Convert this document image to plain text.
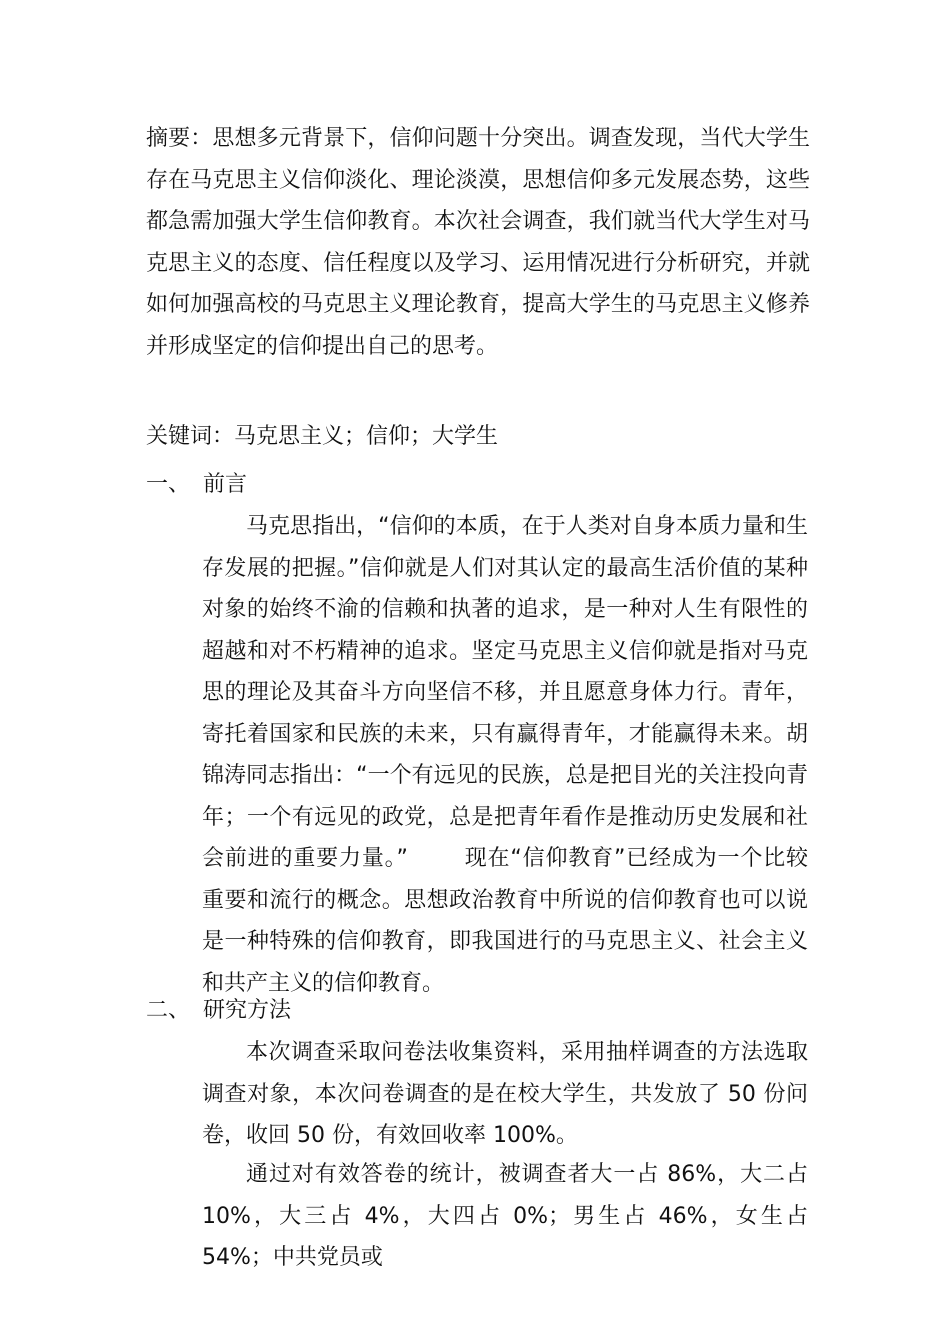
摘要：思想多元背景下，信仰问题十分突出。调查发现，当代大学生存在马克思主义信仰淡化、理论淡漠，思想信仰多元发展态势，这些都急需加强大学生信仰教育。本次社会调查，我们就当代大学生对马克思主义的态度、信任程度以及学习、运用情况进行分析研究，并就如何加强高校的马克思主义理论教育，提高大学生的马克思主义修养并形成坚定的信仰提出自己的思考。

关键词：马克思主义；信仰；大学生

一、 前言

马克思指出，“信仰的本质，在于人类对自身本质力量和生存发展的把握。”信仰就是人们对其认定的最高生活价值的某种对象的始终不渝的信赖和执著的追求，是一种对人生有限性的超越和对不朽精神的追求。坚定马克思主义信仰就是指对马克思的理论及其奋斗方向坚信不移，并且愿意身体力行。青年，寄托着国家和民族的未来，只有赢得青年，才能赢得未来。胡锦涛同志指出：“一个有远见的民族，总是把目光的关注投向青年；一个有远见的政党，总是把青年看作是推动历史发展和社会前进的重要力量。”	现在“信仰教育”已经成为一个比较重要和流行的概念。思想政治教育中所说的信仰教育也可以说是一种特殊的信仰教育，即我国进行的马克思主义、社会主义和共产主义的信仰教育。

二、 研究方法

本次调查采取问卷法收集资料，采用抽样调查的方法选取调查对象，本次问卷调查的是在校大学生，共发放了 50 份问卷，收回 50 份，有效回收率 100%。

通过对有效答卷的统计，被调查者大一占 86%，大二占 10%，大三占 4%，大四占 0%；男生占 46%，女生占 54%；中共党员或
